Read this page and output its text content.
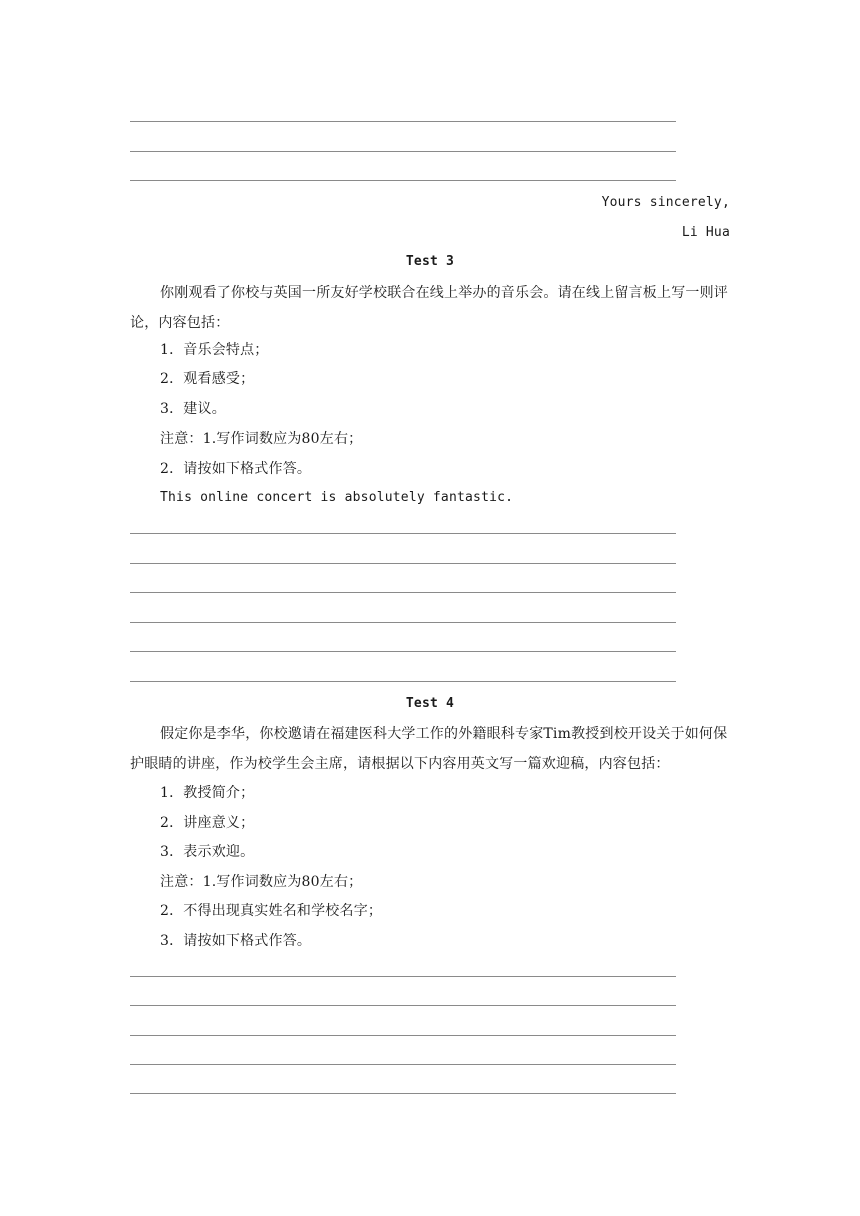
Yours sincerely,
Li Hua
Test 3
你刚观看了你校与英国一所友好学校联合在线上举办的音乐会。请在线上留言板上写一则评论，内容包括：
1．音乐会特点；
2．观看感受；
3．建议。
注意：1.写作词数应为80左右；
2．请按如下格式作答。
This online concert is absolutely fantastic.
Test 4
假定你是李华，你校邀请在福建医科大学工作的外籍眼科专家Tim教授到校开设关于如何保护眼睛的讲座，作为校学生会主席，请根据以下内容用英文写一篇欢迎稿，内容包括：
1．教授简介；
2．讲座意义；
3．表示欢迎。
注意：1.写作词数应为80左右；
2．不得出现真实姓名和学校名字；
3．请按如下格式作答。
